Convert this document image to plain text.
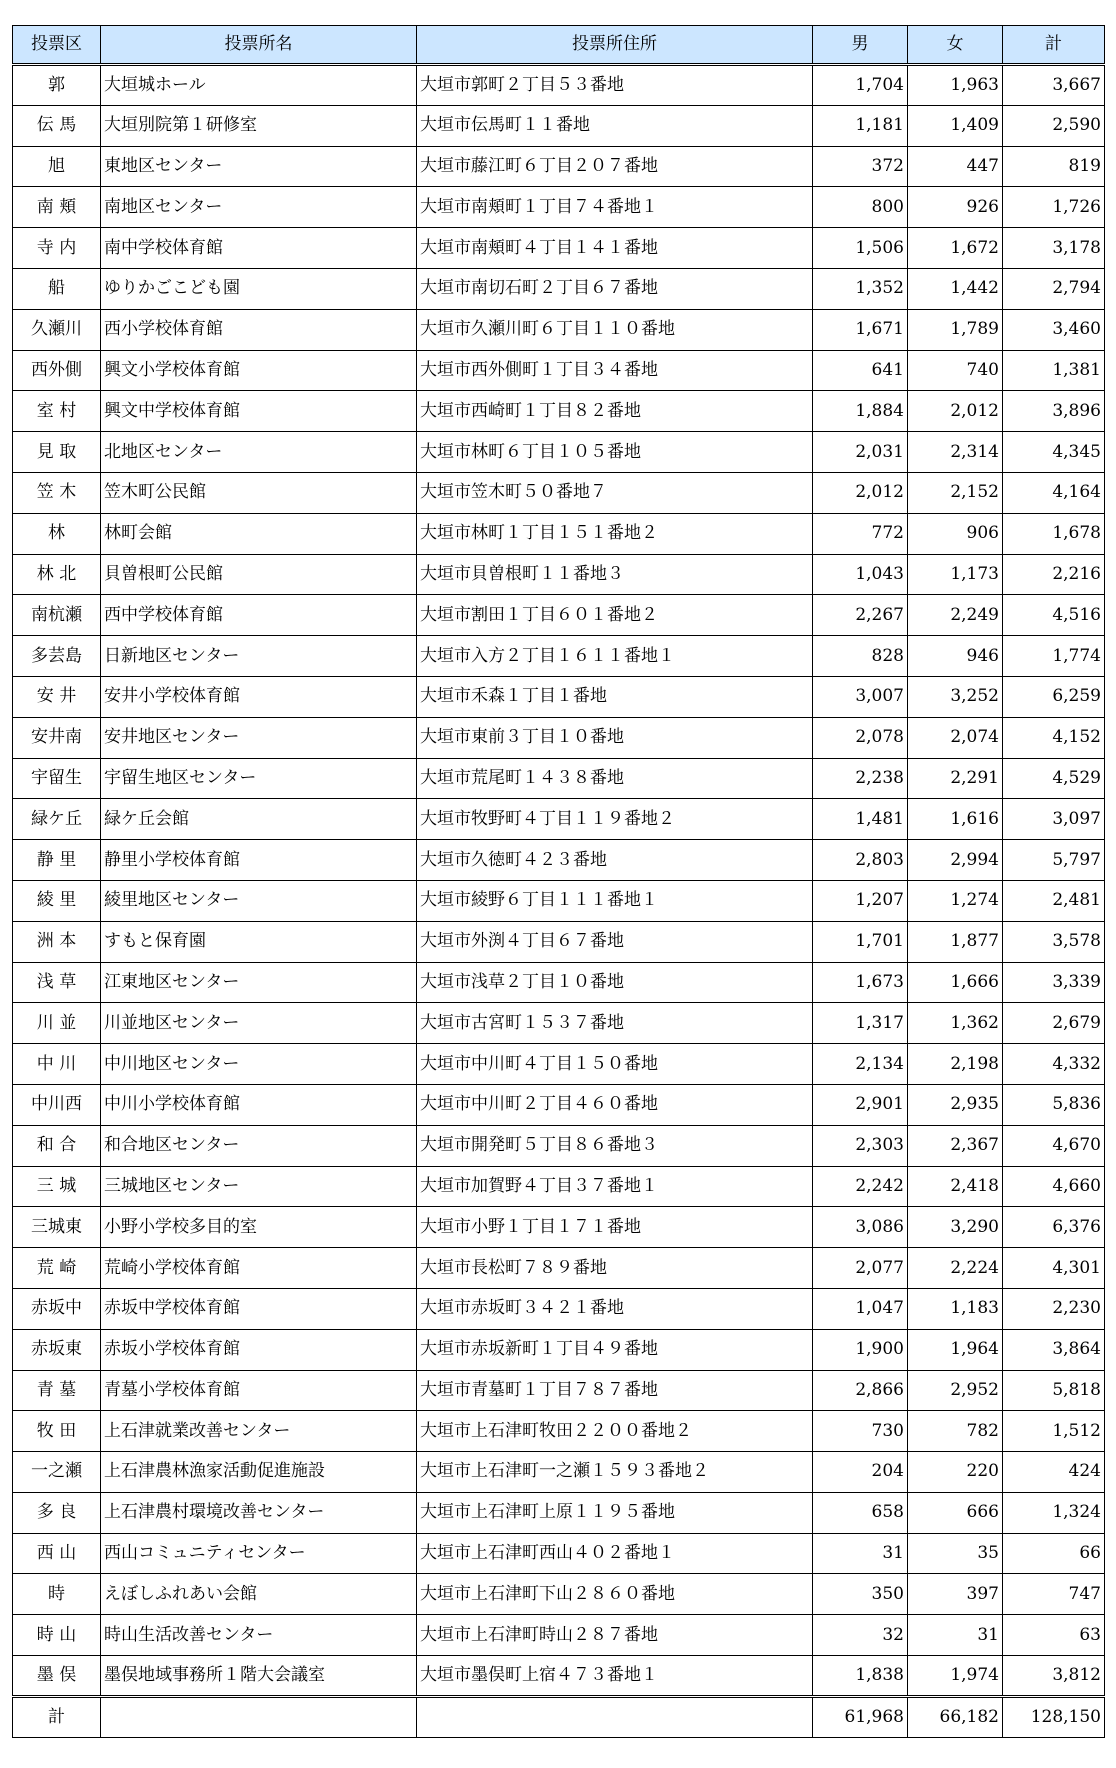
投票区	投票所名	投票所住所	男	女	計
郭	大垣城ホール	大垣市郭町２丁目５３番地	1,704	1,963	3,667
伝 馬	大垣別院第１研修室	大垣市伝馬町１１番地	1,181	1,409	2,590
旭	東地区センター	大垣市藤江町６丁目２０７番地	372	447	819
南 頬	南地区センター	大垣市南頬町１丁目７４番地１	800	926	1,726
寺 内	南中学校体育館	大垣市南頬町４丁目１４１番地	1,506	1,672	3,178
船	ゆりかごこども園	大垣市南切石町２丁目６７番地	1,352	1,442	2,794
久瀬川	西小学校体育館	大垣市久瀬川町６丁目１１０番地	1,671	1,789	3,460
西外側	興文小学校体育館	大垣市西外側町１丁目３４番地	641	740	1,381
室 村	興文中学校体育館	大垣市西崎町１丁目８２番地	1,884	2,012	3,896
見 取	北地区センター	大垣市林町６丁目１０５番地	2,031	2,314	4,345
笠 木	笠木町公民館	大垣市笠木町５０番地７	2,012	2,152	4,164
林	林町会館	大垣市林町１丁目１５１番地２	772	906	1,678
林 北	貝曽根町公民館	大垣市貝曽根町１１番地３	1,043	1,173	2,216
南杭瀬	西中学校体育館	大垣市割田１丁目６０１番地２	2,267	2,249	4,516
多芸島	日新地区センター	大垣市入方２丁目１６１１番地１	828	946	1,774
安 井	安井小学校体育館	大垣市禾森１丁目１番地	3,007	3,252	6,259
安井南	安井地区センター	大垣市東前３丁目１０番地	2,078	2,074	4,152
宇留生	宇留生地区センター	大垣市荒尾町１４３８番地	2,238	2,291	4,529
緑ケ丘	緑ケ丘会館	大垣市牧野町４丁目１１９番地２	1,481	1,616	3,097
静 里	静里小学校体育館	大垣市久徳町４２３番地	2,803	2,994	5,797
綾 里	綾里地区センター	大垣市綾野６丁目１１１番地１	1,207	1,274	2,481
洲 本	すもと保育園	大垣市外渕４丁目６７番地	1,701	1,877	3,578
浅 草	江東地区センター	大垣市浅草２丁目１０番地	1,673	1,666	3,339
川 並	川並地区センター	大垣市古宮町１５３７番地	1,317	1,362	2,679
中 川	中川地区センター	大垣市中川町４丁目１５０番地	2,134	2,198	4,332
中川西	中川小学校体育館	大垣市中川町２丁目４６０番地	2,901	2,935	5,836
和 合	和合地区センター	大垣市開発町５丁目８６番地３	2,303	2,367	4,670
三 城	三城地区センター	大垣市加賀野４丁目３７番地１	2,242	2,418	4,660
三城東	小野小学校多目的室	大垣市小野１丁目１７１番地	3,086	3,290	6,376
荒 崎	荒崎小学校体育館	大垣市長松町７８９番地	2,077	2,224	4,301
赤坂中	赤坂中学校体育館	大垣市赤坂町３４２１番地	1,047	1,183	2,230
赤坂東	赤坂小学校体育館	大垣市赤坂新町１丁目４９番地	1,900	1,964	3,864
青 墓	青墓小学校体育館	大垣市青墓町１丁目７８７番地	2,866	2,952	5,818
牧 田	上石津就業改善センター	大垣市上石津町牧田２２００番地２	730	782	1,512
一之瀬	上石津農林漁家活動促進施設	大垣市上石津町一之瀬１５９３番地２	204	220	424
多 良	上石津農村環境改善センター	大垣市上石津町上原１１９５番地	658	666	1,324
西 山	西山コミュニティセンター	大垣市上石津町西山４０２番地１	31	35	66
時	えぼしふれあい会館	大垣市上石津町下山２８６０番地	350	397	747
時 山	時山生活改善センター	大垣市上石津町時山２８７番地	32	31	63
墨 俣	墨俣地域事務所１階大会議室	大垣市墨俣町上宿４７３番地１	1,838	1,974	3,812
計			61,968	66,182	128,150
